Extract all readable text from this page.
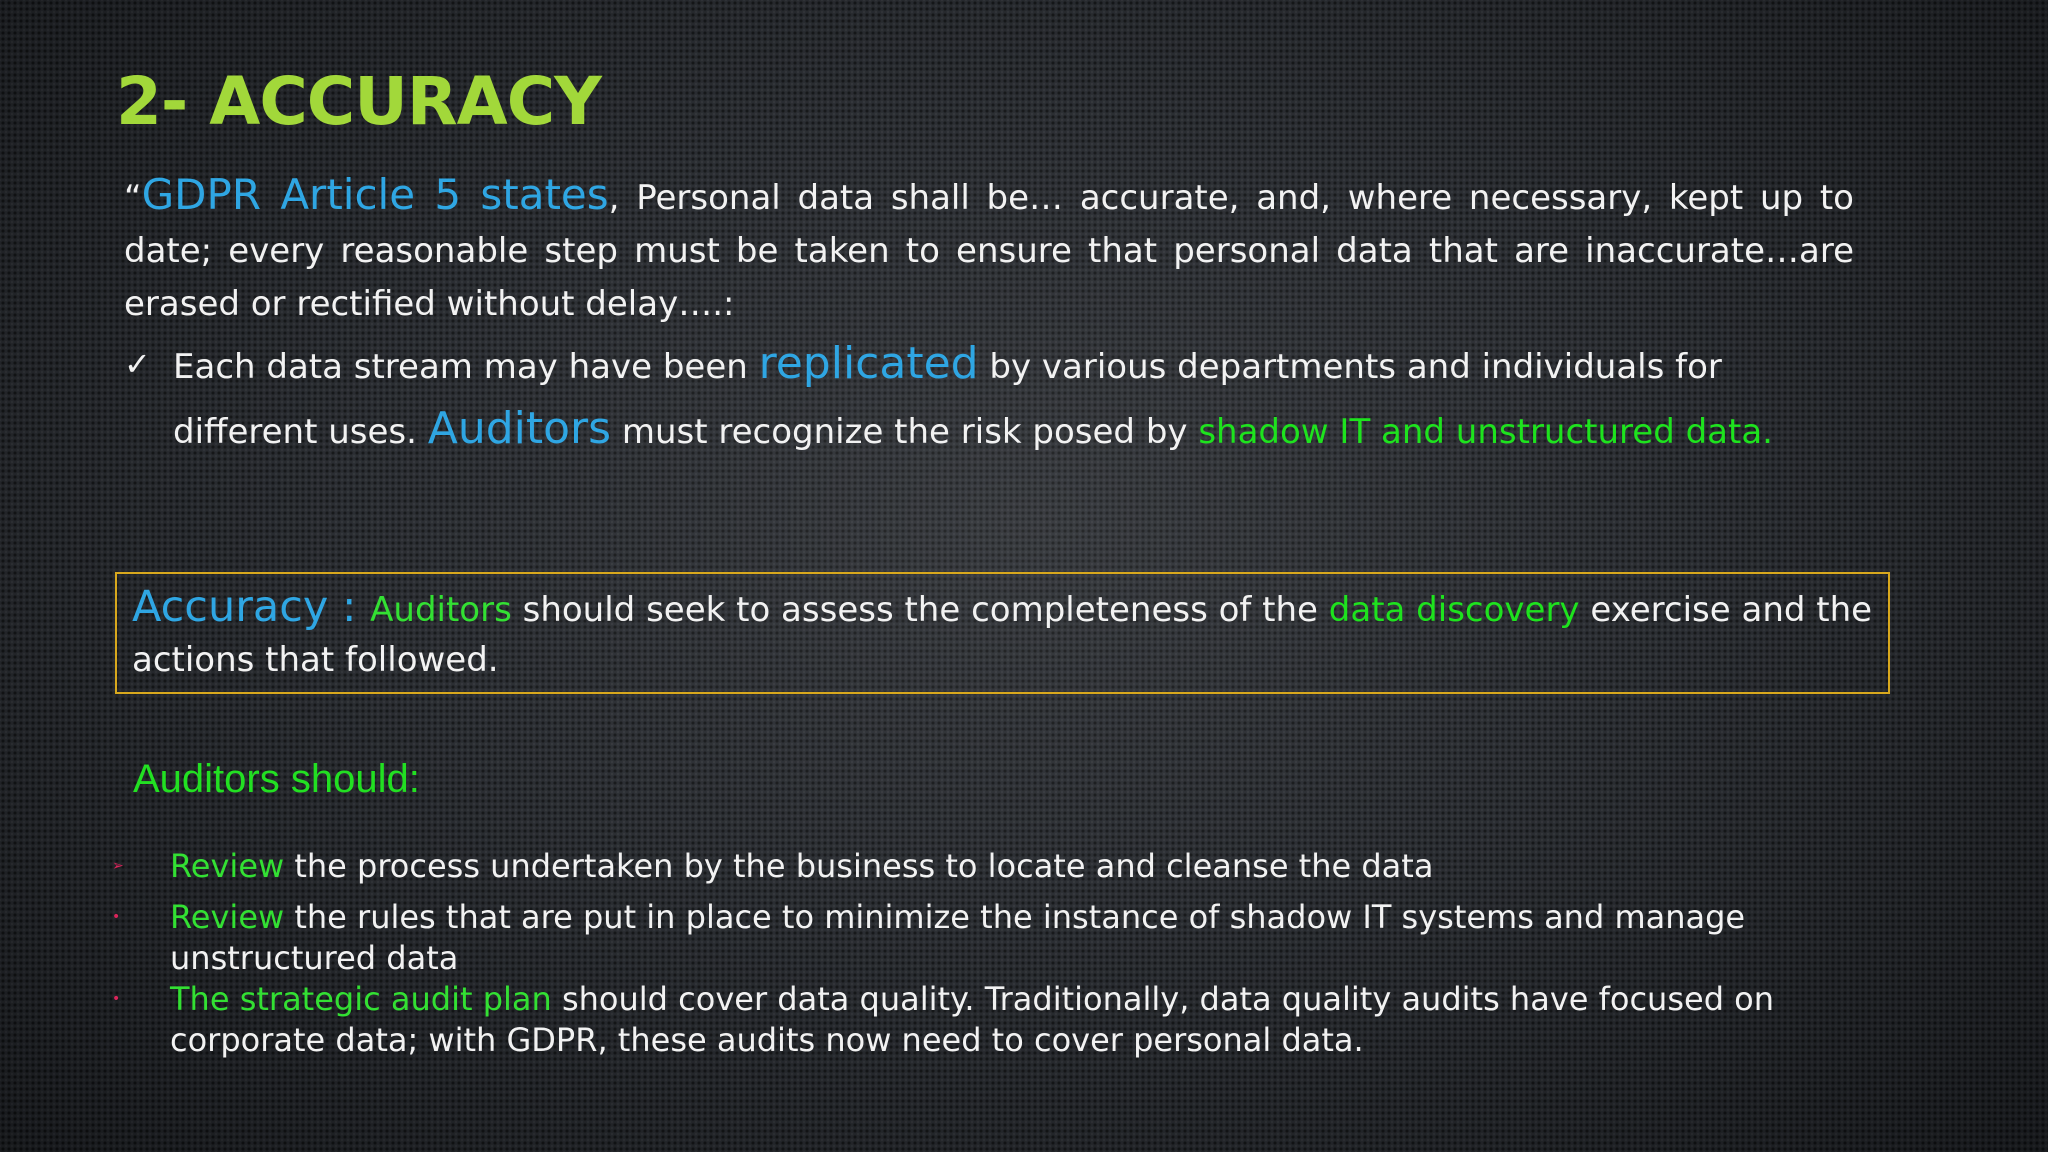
2- ACCURACY

“GDPR Article 5 states, Personal data shall be… accurate, and, where necessary, kept up to date; every reasonable step must be taken to ensure that personal data that are inaccurate…are erased or rectified without delay….:

✓ Each data stream may have been replicated by various departments and individuals for different uses. Auditors must recognize the risk posed by shadow IT and unstructured data.
Accuracy : Auditors should seek to assess the completeness of the data discovery exercise and the actions that followed.
Auditors should:
➢ Review the process undertaken by the business to locate and cleanse the data
• Review the rules that are put in place to minimize the instance of shadow IT systems and manage unstructured data
• The strategic audit plan should cover data quality. Traditionally, data quality audits have focused on corporate data; with GDPR, these audits now need to cover personal data.
